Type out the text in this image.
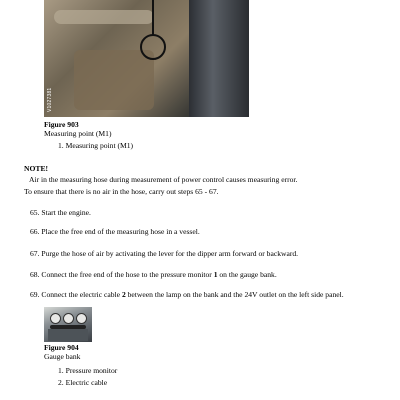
V1027381
Figure 903
Measuring point (M1)
1. Measuring point (M1)
NOTE!
Air in the measuring hose during measurement of power control causes measuring error.
To ensure that there is no air in the hose, carry out steps 65 - 67.
65. Start the engine.
66. Place the free end of the measuring hose in a vessel.
67. Purge the hose of air by activating the lever for the dipper arm forward or backward.
68. Connect the free end of the hose to the pressure monitor 1 on the gauge bank.
69. Connect the electric cable 2 between the lamp on the bank and the 24V outlet on the left side panel.
Figure 904
Gauge bank
1. Pressure monitor
2. Electric cable
